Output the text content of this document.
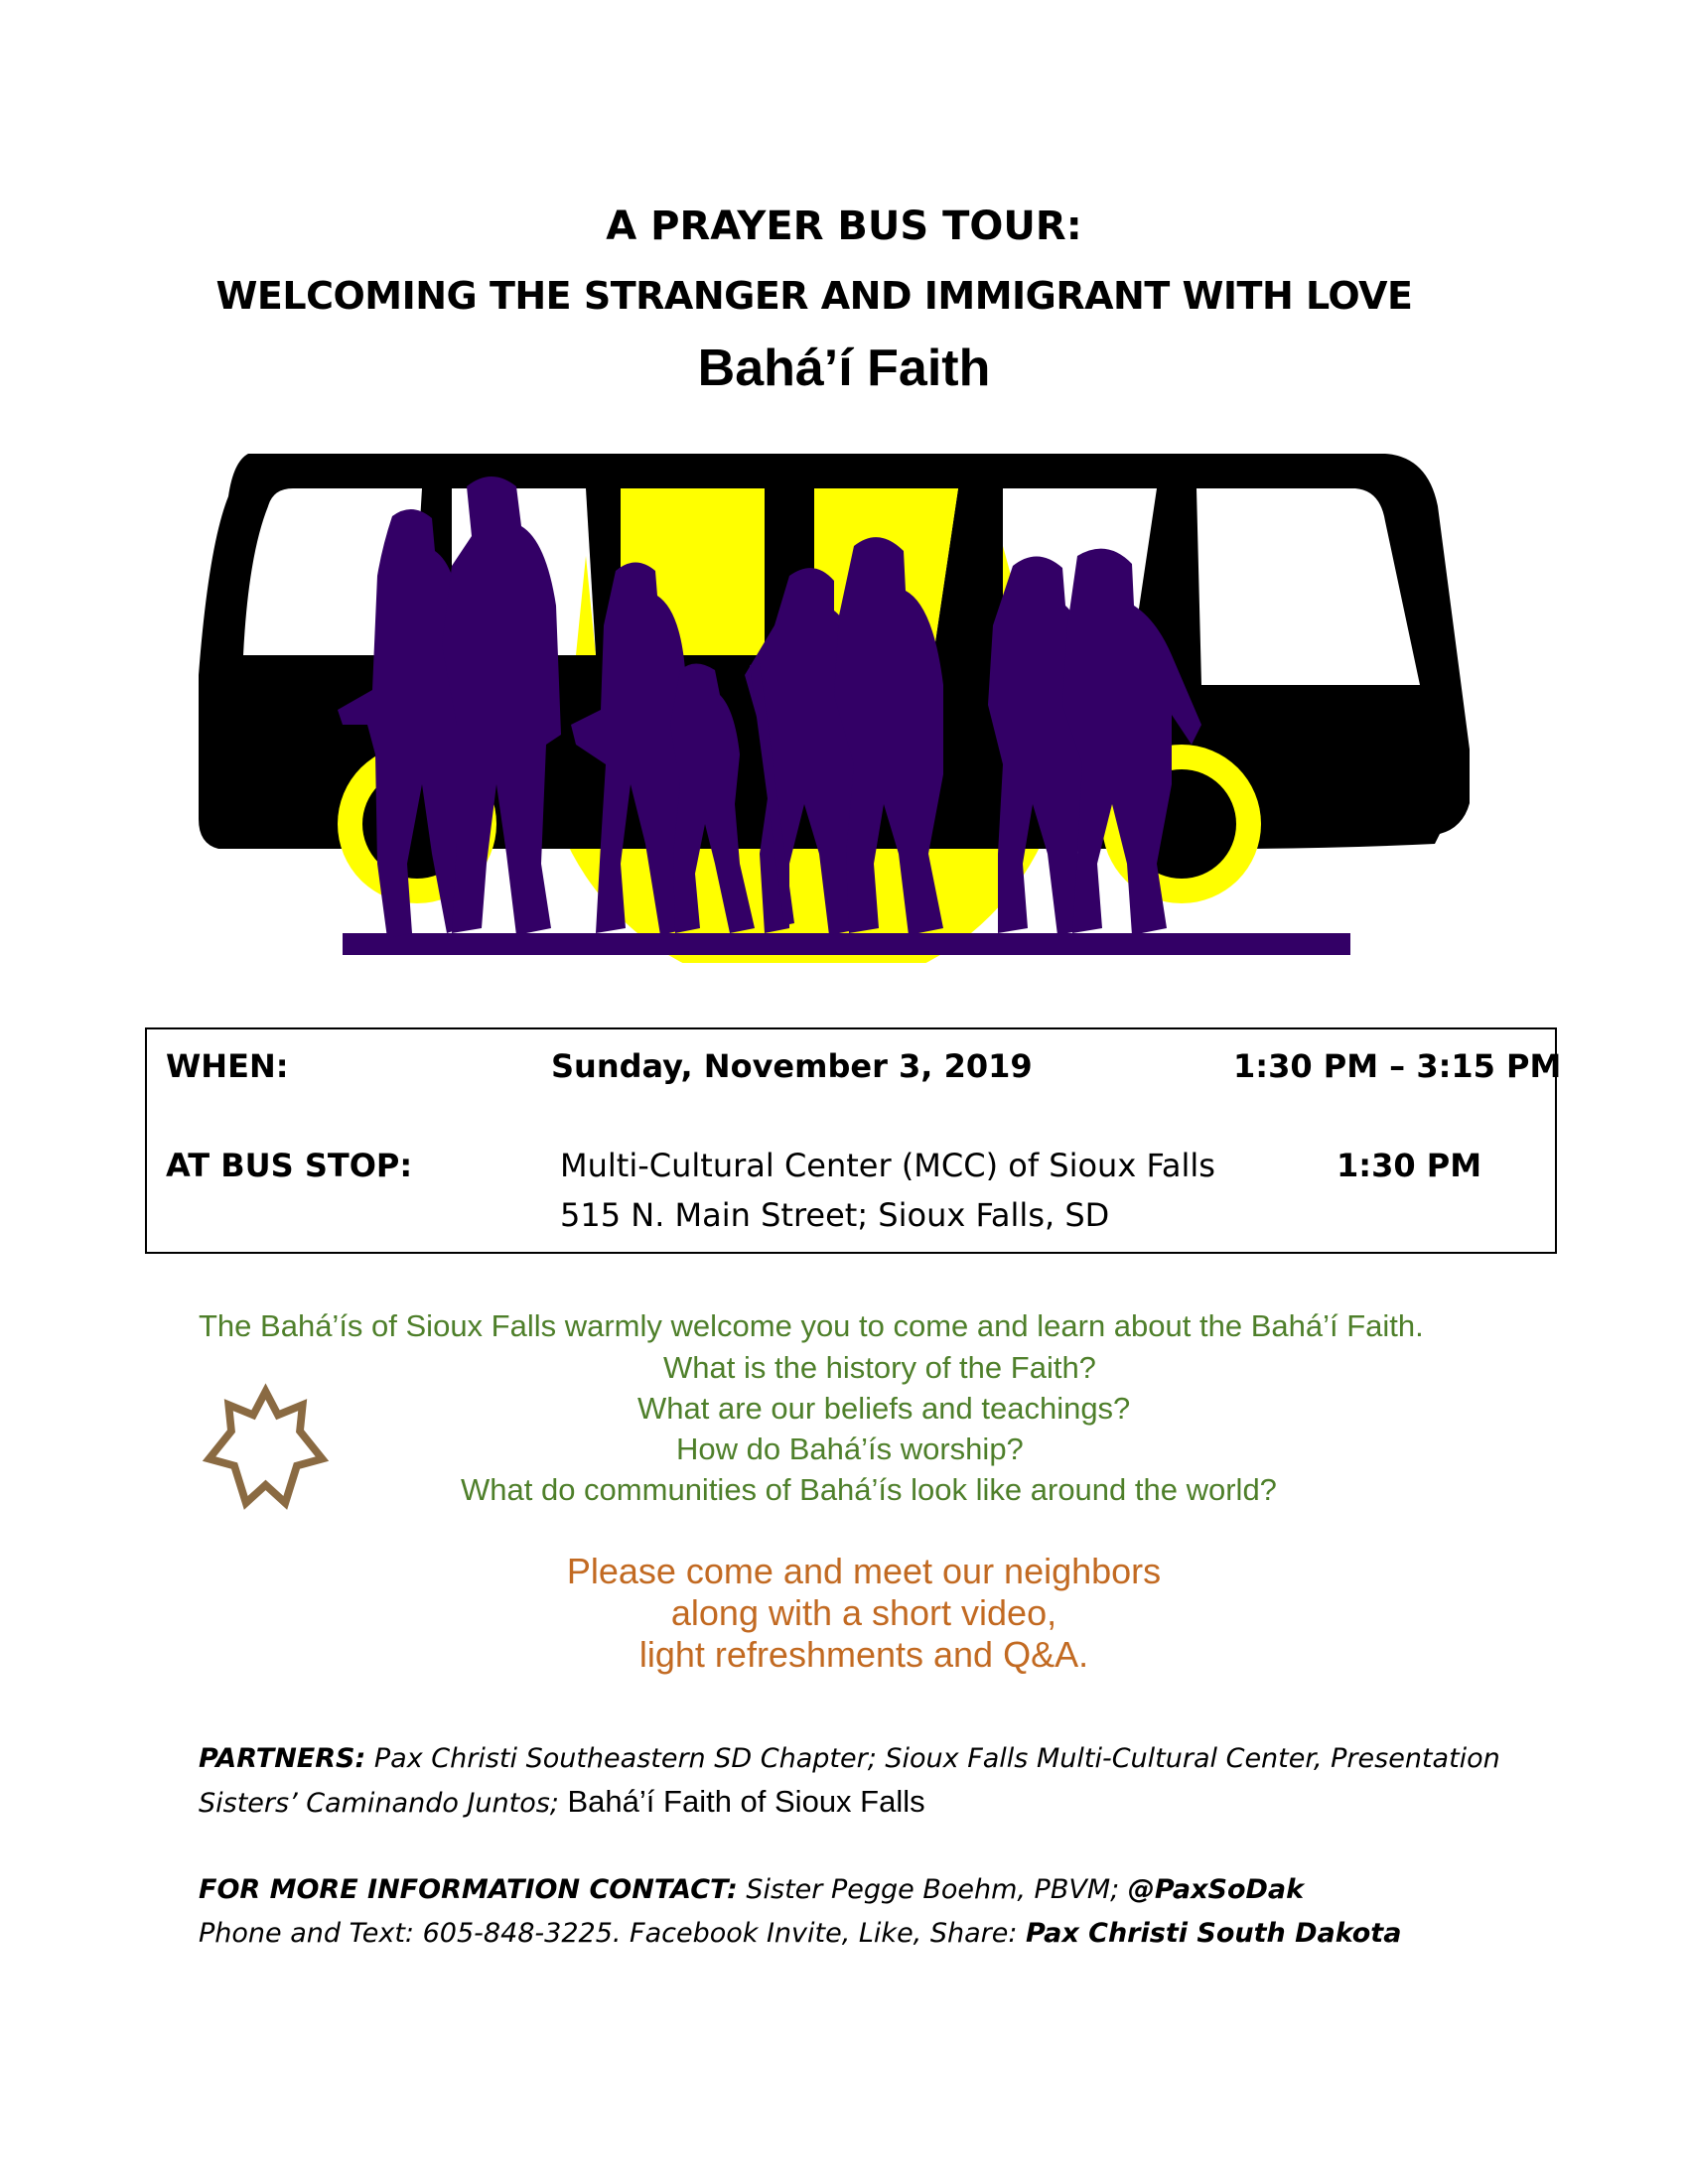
A PRAYER BUS TOUR:
WELCOMING THE STRANGER AND IMMIGRANT WITH LOVE
Bahá’í Faith
WHEN:	Sunday, November 3, 2019	1:30 PM – 3:15 PM
AT BUS STOP:	Multi-Cultural Center (MCC) of Sioux Falls	1:30 PM
515 N. Main Street; Sioux Falls, SD
The Bahá’ís of Sioux Falls warmly welcome you to come and learn about the Bahá’í Faith.
What is the history of the Faith?
What are our beliefs and teachings?
How do Bahá’ís worship?
What do communities of Bahá’ís look like around the world?
Please come and meet our neighbors
along with a short video,
light refreshments and Q&A.
PARTNERS: Pax Christi Southeastern SD Chapter; Sioux Falls Multi-Cultural Center, Presentation
Sisters’ Caminando Juntos; Bahá’í Faith of Sioux Falls
FOR MORE INFORMATION CONTACT: Sister Pegge Boehm, PBVM; @PaxSoDak
Phone and Text: 605-848-3225. Facebook Invite, Like, Share: Pax Christi South Dakota
